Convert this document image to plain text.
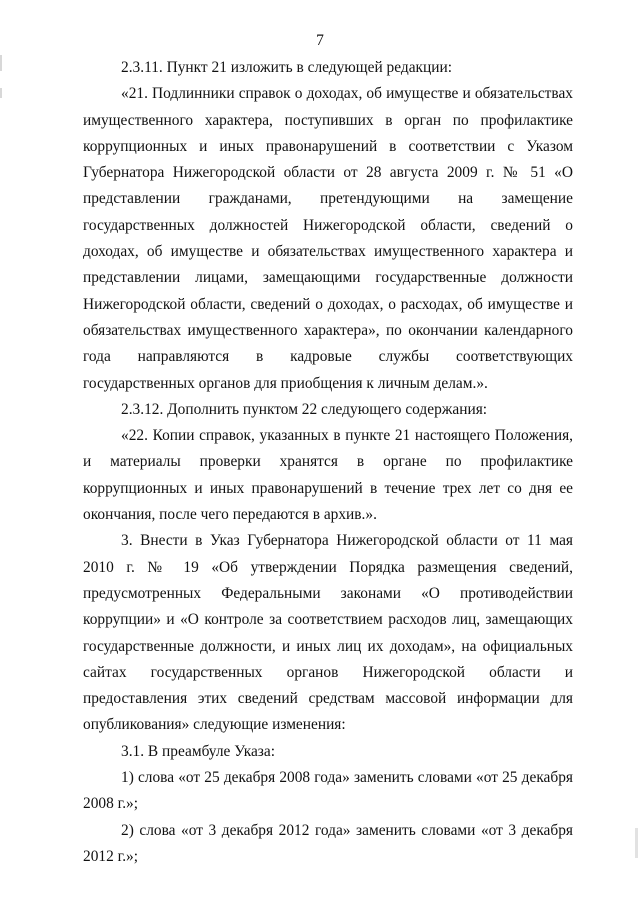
7

2.3.11. Пункт 21 изложить в следующей редакции:

«21. Подлинники справок о доходах, об имуществе и обязательствах имущественного характера, поступивших в орган по профилактике коррупционных и иных правонарушений в соответствии с Указом Губернатора Нижегородской области от 28 августа 2009 г. № 51 «О представлении гражданами, претендующими на замещение государственных должностей Нижегородской области, сведений о доходах, об имуществе и обязательствах имущественного характера и представлении лицами, замещающими государственные должности Нижегородской области, сведений о доходах, о расходах, об имуществе и обязательствах имущественного характера», по окончании календарного года направляются в кадровые службы соответствующих государственных органов для приобщения к личным делам.».

2.3.12. Дополнить пунктом 22 следующего содержания:

«22. Копии справок, указанных в пункте 21 настоящего Положения, и материалы проверки хранятся в органе по профилактике коррупционных и иных правонарушений в течение трех лет со дня ее окончания, после чего передаются в архив.».

3. Внести в Указ Губернатора Нижегородской области от 11 мая 2010 г. № 19 «Об утверждении Порядка размещения сведений, предусмотренных Федеральными законами «О противодействии коррупции» и «О контроле за соответствием расходов лиц, замещающих государственные должности, и иных лиц их доходам», на официальных сайтах государственных органов Нижегородской области и предоставления этих сведений средствам массовой информации для опубликования» следующие изменения:

3.1. В преамбуле Указа:

1) слова «от 25 декабря 2008 года» заменить словами «от 25 декабря 2008 г.»;

2) слова «от 3 декабря 2012 года» заменить словами «от 3 декабря 2012 г.»;
